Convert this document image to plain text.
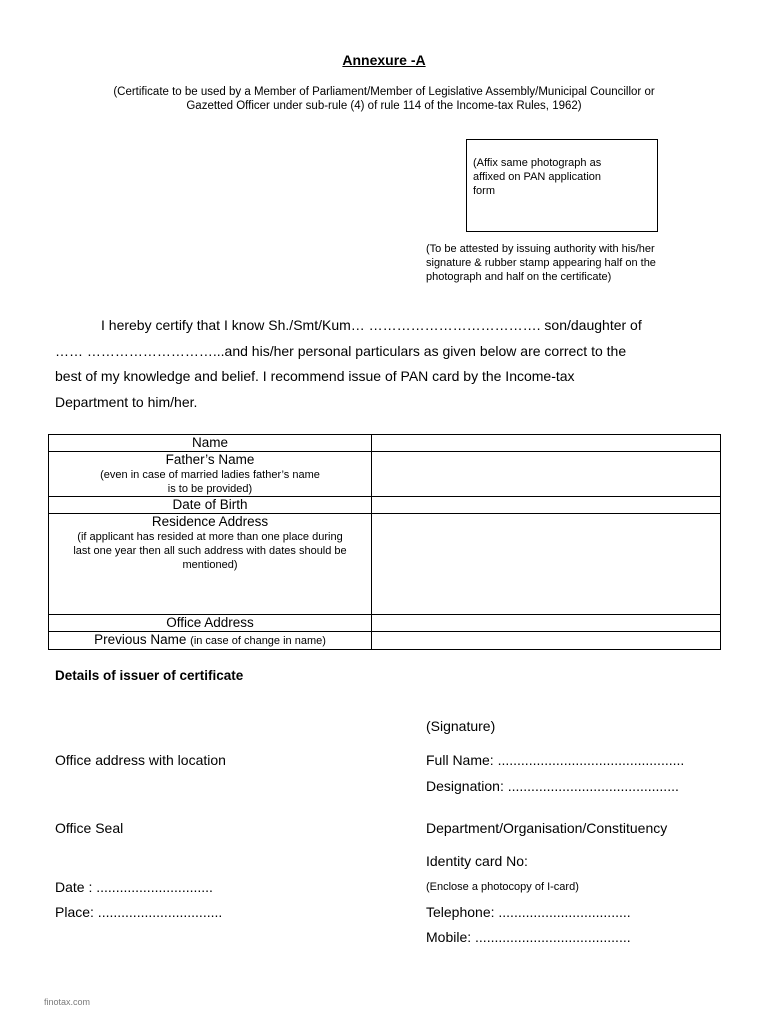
Annexure -A
(Certificate to be used by a Member of Parliament/Member of Legislative Assembly/Municipal Councillor or
Gazetted Officer under sub-rule (4) of rule 114 of the Income-tax Rules, 1962)
(Affix same photograph as
affixed on PAN application
form
(To be attested by issuing authority with his/her
signature & rubber stamp appearing half on the
photograph and half on the certificate)
I hereby certify that I know Sh./Smt/Kum… ………………………………. son/daughter of
…… ………………………...and his/her personal particulars as given below are correct to the
best of my knowledge and belief. I recommend issue of PAN card by the Income-tax
Department to him/her.
Name	

Father’s Name
(even in case of married ladies father’s name
is to be provided)	

Date of Birth	

Residence Address
(if applicant has resided at more than one place during
last one year then all such address with dates should be
mentioned)	

Office Address	
Previous Name (in case of change in name)	
Details of issuer of certificate
(Signature)
Office address with location	Full Name: ................................................
Designation: ............................................
Office Seal	Department/Organisation/Constituency
Identity card No:
Date : ..............................	(Enclose a photocopy of I-card)
Place: ................................	Telephone: ..................................
Mobile: ........................................
finotax.com
